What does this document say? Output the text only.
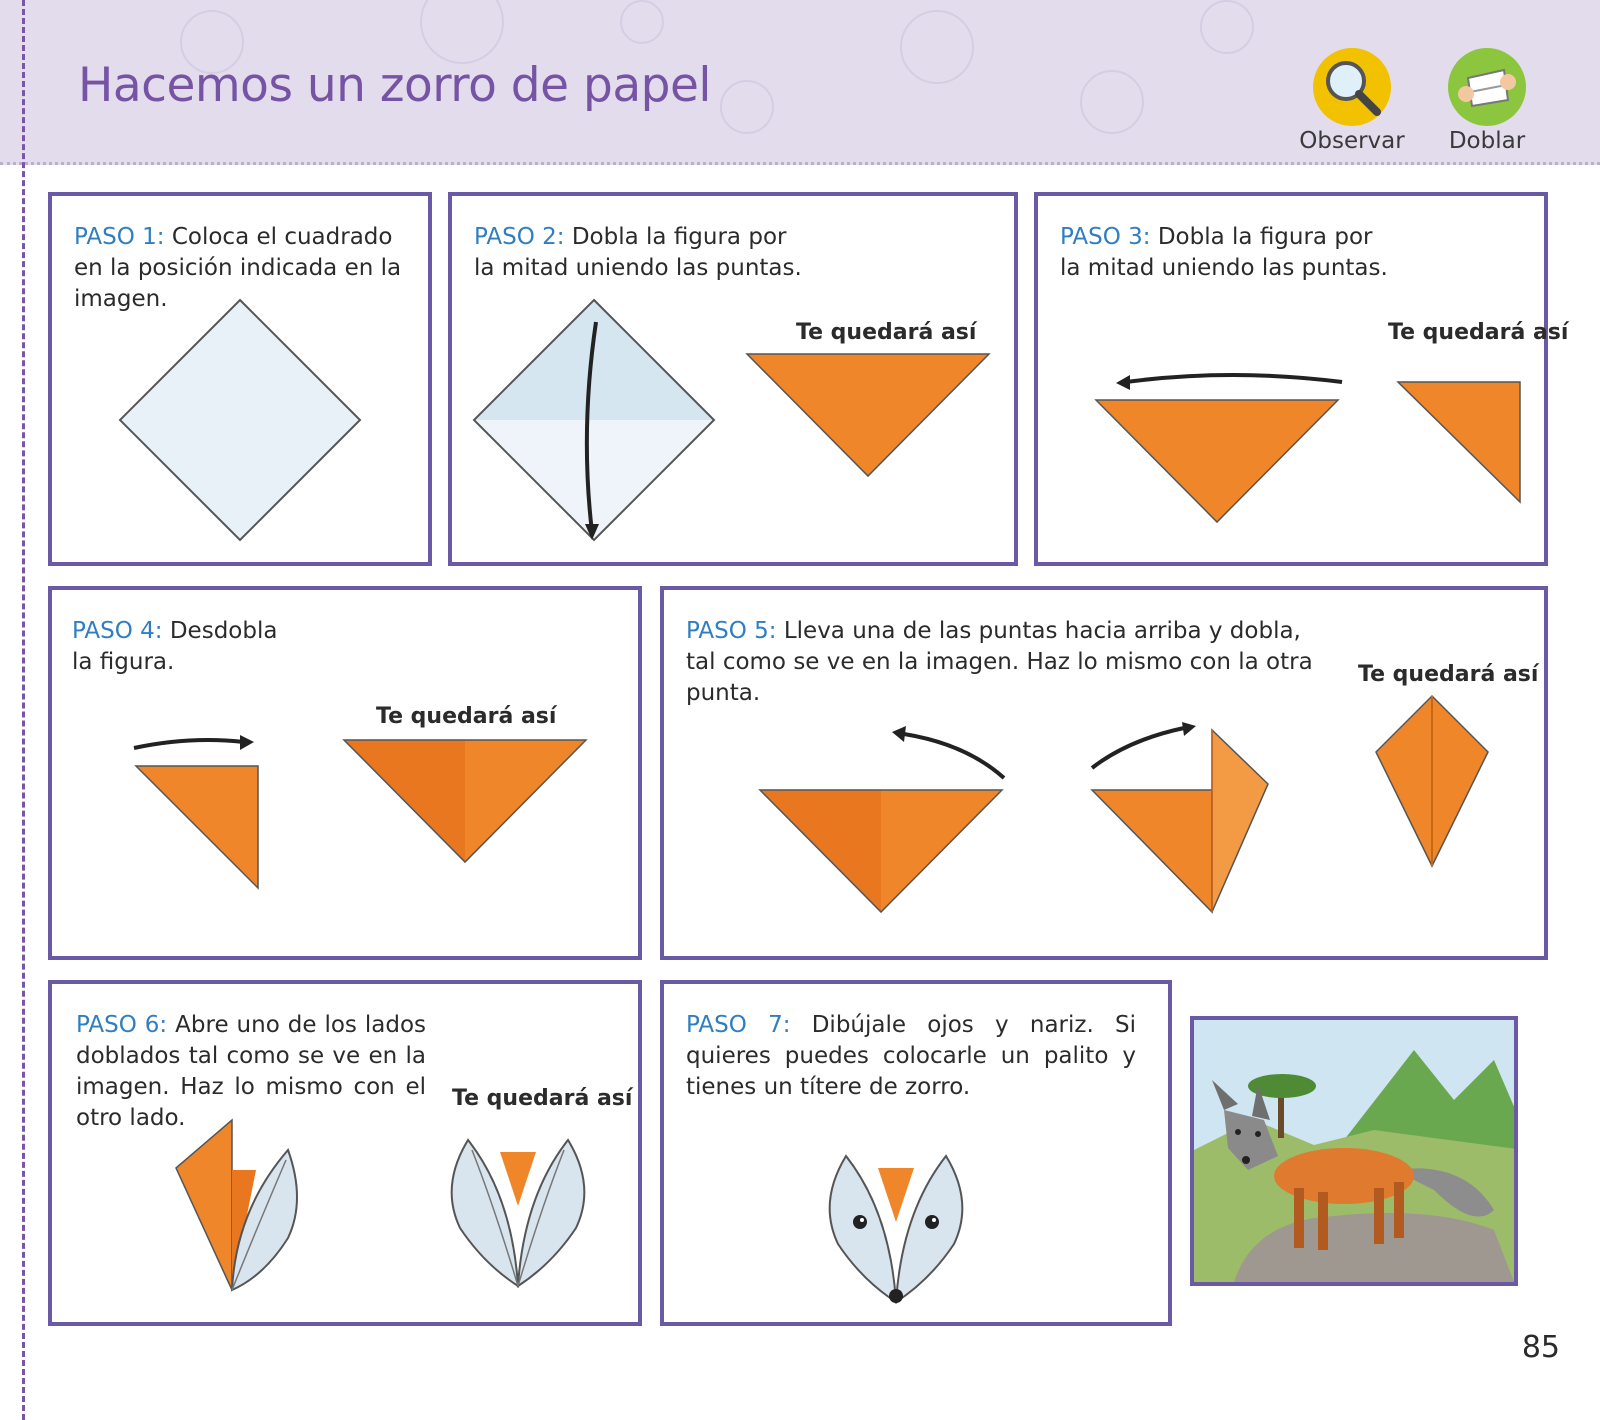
Hacemos un zorro de papel
Observar	Doblar

PASO 1: Coloca el cuadrado en la posición indicada en la imagen.

PASO 2: Dobla la figura por la mitad uniendo las puntas.

Te quedará así

PASO 3: Dobla la figura por la mitad uniendo las puntas.

Te quedará así

PASO 4: Desdobla la figura.

Te quedará así

PASO 5: Lleva una de las puntas hacia arriba y dobla, tal como se ve en la imagen. Haz lo mismo con la otra punta.

Te quedará así

PASO 6: Abre uno de los lados doblados tal como se ve en la imagen. Haz lo mismo con el otro lado.

Te quedará así

PASO 7: Dibújale ojos y nariz. Si quieres puedes colocarle un palito y tienes un títere de zorro.

85
